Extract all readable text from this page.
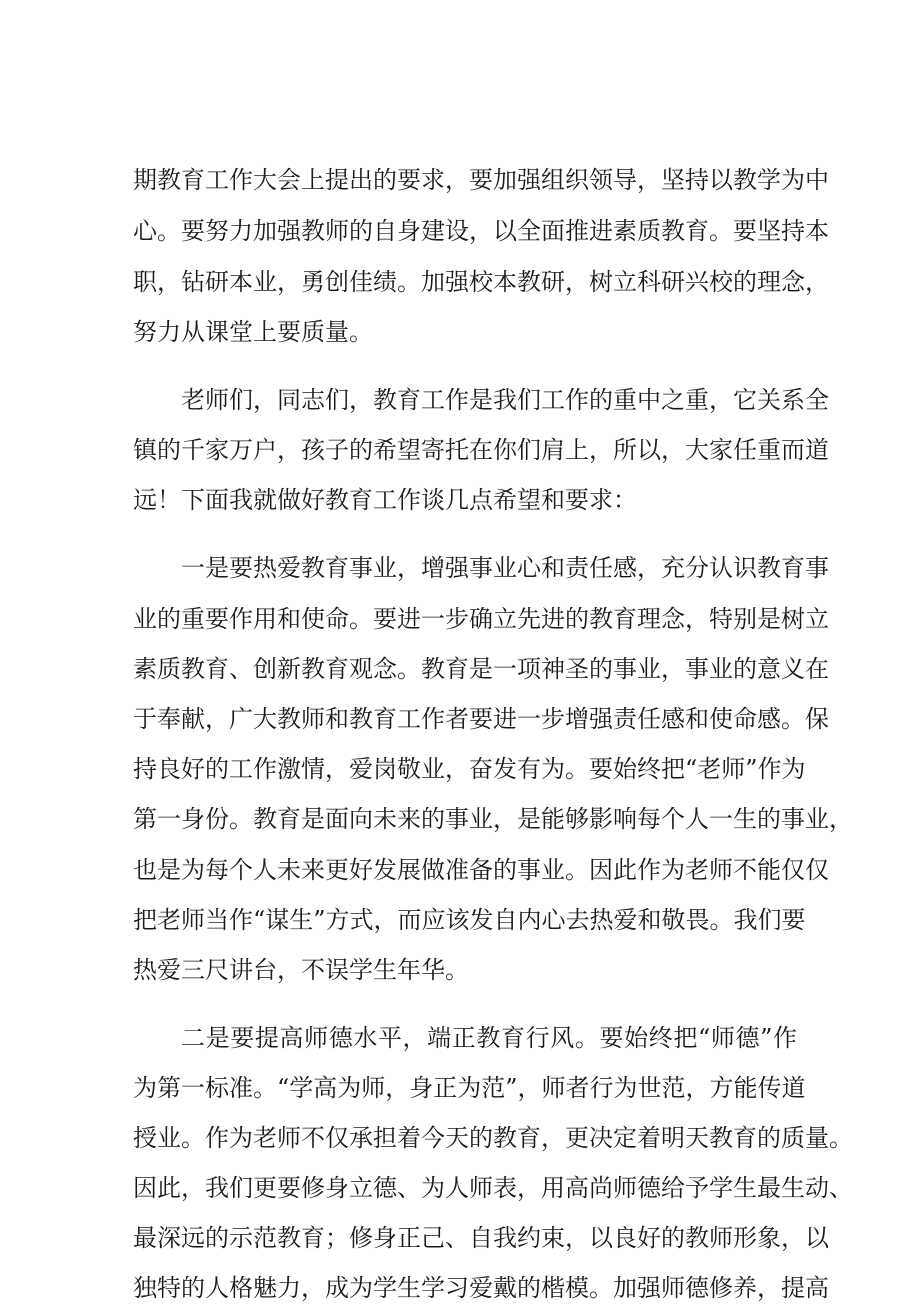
期教育工作大会上提出的要求，要加强组织领导，坚持以教学为中
心。要努力加强教师的自身建设，以全面推进素质教育。要坚持本
职，钻研本业，勇创佳绩。加强校本教研，树立科研兴校的理念，
努力从课堂上要质量。
老师们，同志们，教育工作是我们工作的重中之重，它关系全
镇的千家万户，孩子的希望寄托在你们肩上，所以，大家任重而道
远！下面我就做好教育工作谈几点希望和要求：
一是要热爱教育事业，增强事业心和责任感，充分认识教育事
业的重要作用和使命。要进一步确立先进的教育理念，特别是树立
素质教育、创新教育观念。教育是一项神圣的事业，事业的意义在
于奉献，广大教师和教育工作者要进一步增强责任感和使命感。保
持良好的工作激情，爱岗敬业，奋发有为。要始终把“老师”作为
第一身份。教育是面向未来的事业，是能够影响每个人一生的事业，
也是为每个人未来更好发展做准备的事业。因此作为老师不能仅仅
把老师当作“谋生”方式，而应该发自内心去热爱和敬畏。我们要
热爱三尺讲台，不误学生年华。
二是要提高师德水平，端正教育行风。要始终把“师德”作
为第一标准。“学高为师，身正为范”，师者行为世范，方能传道
授业。作为老师不仅承担着今天的教育，更决定着明天教育的质量。
因此，我们更要修身立德、为人师表，用高尚师德给予学生最生动、
最深远的示范教育；修身正己、自我约束，以良好的教师形象，以
独特的人格魅力，成为学生学习爱戴的楷模。加强师德修养，提高
